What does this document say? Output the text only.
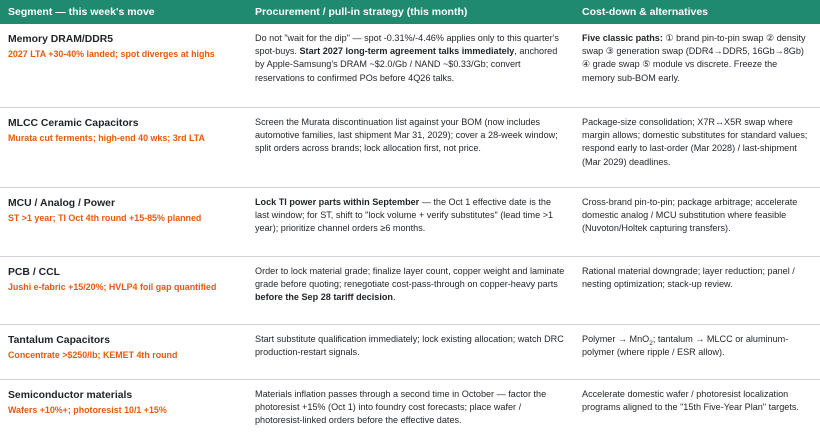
Segment — this week's move	Procurement / pull-in strategy (this month)	Cost-down & alternatives

Memory DRAM/DDR5
2027 LTA +30-40% landed; spot diverges at highs	Do not "wait for the dip" — spot -0.31%/-4.46% applies only to this quarter's spot-buys. Start 2027 long-term agreement talks immediately, anchored by Apple-Samsung's DRAM ~$2.0/Gb / NAND ~$0.33/Gb; convert reservations to confirmed POs before 4Q26 talks.	Five classic paths: ① brand pin-to-pin swap ② density swap ③ generation swap (DDR4→DDR5, 16Gb→8Gb) ④ grade swap ⑤ module vs discrete. Freeze the memory sub-BOM early.

MLCC Ceramic Capacitors
Murata cut ferments; high-end 40 wks; 3rd LTA	Screen the Murata discontinuation list against your BOM (now includes automotive families, last shipment Mar 31, 2029); cover a 28-week window; split orders across brands; lock allocation first, not price.	Package-size consolidation; X7R↔X5R swap where margin allows; domestic substitutes for standard values; respond early to last-order (Mar 2028) / last-shipment (Mar 2029) deadlines.

MCU / Analog / Power
ST >1 year; TI Oct 4th round +15-85% planned	Lock TI power parts within September — the Oct 1 effective date is the last window; for ST, shift to "lock volume + verify substitutes" (lead time >1 year); prioritize channel orders ≥6 months.	Cross-brand pin-to-pin; package arbitrage; accelerate domestic analog / MCU substitution where feasible (Nuvoton/Holtek capturing transfers).

PCB / CCL
Jushi e-fabric +15/20%; HVLP4 foil gap quantified	Order to lock material grade; finalize layer count, copper weight and laminate grade before quoting; renegotiate cost-pass-through on copper-heavy parts before the Sep 28 tariff decision.	Rational material downgrade; layer reduction; panel / nesting optimization; stack-up review.

Tantalum Capacitors
Concentrate >$250/lb; KEMET 4th round	Start substitute qualification immediately; lock existing allocation; watch DRC production-restart signals.	Polymer → MnO$_2$; tantalum → MLCC or aluminum-polymer (where ripple / ESR allow).

Semiconductor materials
Wafers +10%+; photoresist 10/1 +15%	Materials inflation passes through a second time in October — factor the photoresist +15% (Oct 1) into foundry cost forecasts; place wafer / photoresist-linked orders before the effective dates.	Accelerate domestic wafer / photoresist localization programs aligned to the "15th Five-Year Plan" targets.
